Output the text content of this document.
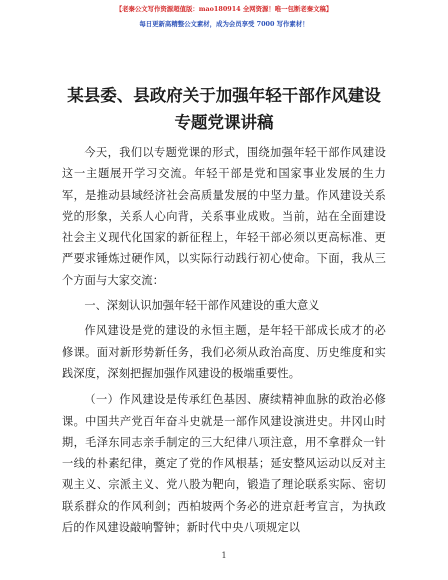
【老秦公文写作资源超值版：mao180914 全网资源！唯一包断老秦文稿】
每日更新高精整公文素材，成为会员享受 7000 写作素材！
某县委、县政府关于加强年轻干部作风建设专题党课讲稿

今天，我们以专题党课的形式，围绕加强年轻干部作风建设这一主题展开学习交流。年轻干部是党和国家事业发展的生力军，是推动县域经济社会高质量发展的中坚力量。作风建设关系党的形象，关系人心向背，关系事业成败。当前，站在全面建设社会主义现代化国家的新征程上，年轻干部必须以更高标准、更严要求锤炼过硬作风，以实际行动践行初心使命。下面，我从三个方面与大家交流：

一、深刻认识加强年轻干部作风建设的重大意义

作风建设是党的建设的永恒主题，是年轻干部成长成才的必修课。面对新形势新任务，我们必须从政治高度、历史维度和实践深度，深刻把握加强作风建设的极端重要性。

（一）作风建设是传承红色基因、赓续精神血脉的政治必修课。中国共产党百年奋斗史就是一部作风建设演进史。井冈山时期，毛泽东同志亲手制定的三大纪律八项注意，用不拿群众一针一线的朴素纪律，奠定了党的作风根基；延安整风运动以反对主观主义、宗派主义、党八股为靶向，锻造了理论联系实际、密切联系群众的作风利剑；西柏坡两个务必的进京赶考宣言，为执政后的作风建设敲响警钟；新时代中央八项规定以

1
